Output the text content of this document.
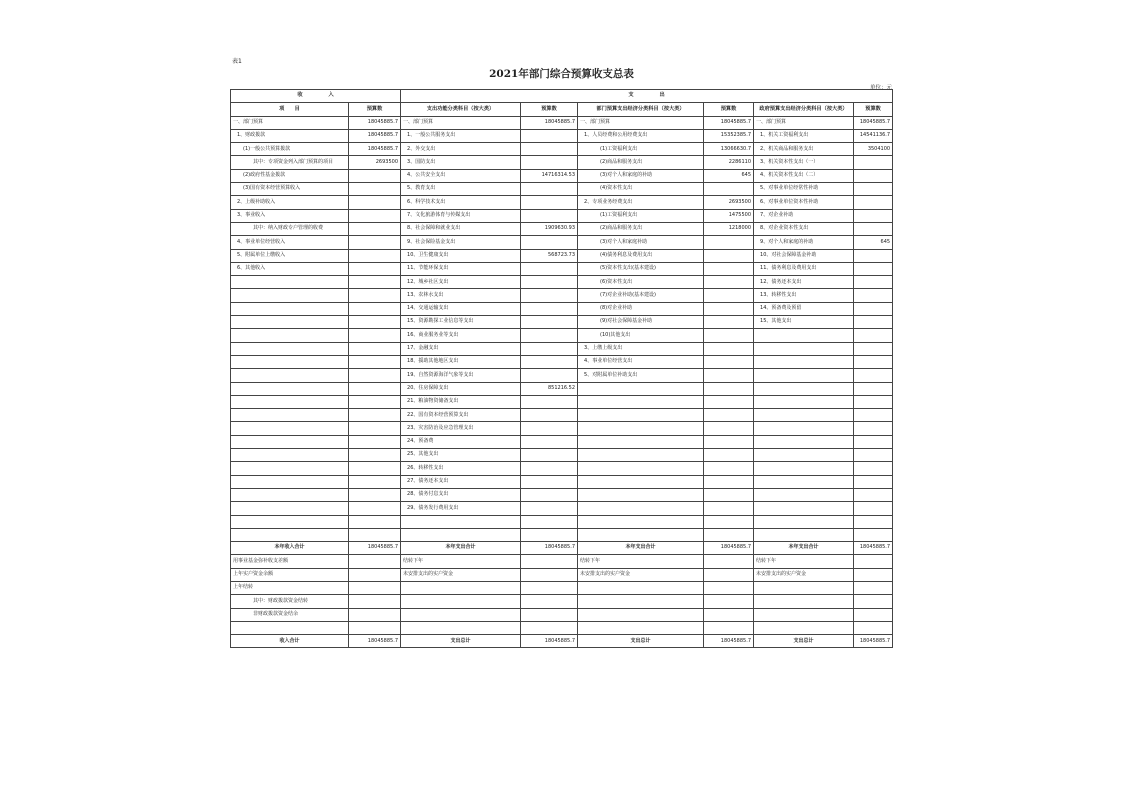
表1
2021年部门综合预算收支总表
单位：元
收　　　　　入		支　　　　　出					
项　　目	预算数	支出功能分类科目（按大类）	预算数	部门预算支出经济分类科目（按大类）	预算数	政府预算支出经济分类科目（按大类）	预算数
一、部门预算	18045885.7	一、部门预算	18045885.7	一、部门预算	18045885.7	一、部门预算	18045885.7
1、财政拨款	18045885.7	1、一般公共服务支出		1、人员经费和公用经费支出	15352385.7	1、机关工资福利支出	14541136.7
(1)一般公共预算拨款	18045885.7	2、外交支出		(1)工资福利支出	13066630.7	2、机关商品和服务支出	3504100
其中：专项资金列入部门预算的项目	2693500	3、国防支出		(2)商品和服务支出	2286110	3、机关资本性支出（一）	
(2)政府性基金拨款		4、公共安全支出	14716314.53	(3)对个人和家庭的补助	645	4、机关资本性支出（二）	
(3)国有资本经营预算收入		5、教育支出		(4)资本性支出		5、对事业单位经常性补助	
2、上级补助收入		6、科学技术支出		2、专项业务经费支出	2693500	6、对事业单位资本性补助	
3、事业收入		7、文化旅游体育与传媒支出		(1)工资福利支出	1475500	7、对企业补助	
其中：纳入财政专户管理的收费		8、社会保障和就业支出	1909630.93	(2)商品和服务支出	1218000	8、对企业资本性支出	
4、事业单位经营收入		9、社会保险基金支出		(3)对个人和家庭补助		9、对个人和家庭的补助	645
5、附属单位上缴收入		10、卫生健康支出	568723.73	(4)债务利息及费用支出		10、对社会保障基金补助	
6、其他收入		11、节能环保支出		(5)资本性支出(基本建设)		11、债务利息及费用支出	
		12、城乡社区支出		(6)资本性支出		12、债务还本支出	
		13、农林水支出		(7)对企业补助(基本建设)		13、转移性支出	
		14、交通运输支出		(8)对企业补助		14、预备费及预留	
		15、资源勘探工业信息等支出		(9)对社会保障基金补助		15、其他支出	
		16、商业服务业等支出		(10)其他支出			
		17、金融支出		3、上缴上级支出			
		18、援助其他地区支出		4、事业单位经营支出			
		19、自然资源海洋气象等支出		5、对附属单位补助支出			
		20、住房保障支出	851216.52				
		21、粮油物资储备支出					
		22、国有资本经营预算支出					
		23、灾害防治及应急管理支出					
		24、预备费					
		25、其他支出					
		26、转移性支出					
		27、债务还本支出					
		28、债务付息支出					
		29、债务发行费用支出					

本年收入合计	18045885.7	本年支出合计	18045885.7	本年支出合计	18045885.7	本年支出合计	18045885.7
用事业基金弥补收支差额		结转下年		结转下年		结转下年	
上年实户资金余额		未安排支出的实户资金		未安排支出的实户资金		未安排支出的实户资金	
上年结转							
其中：财政拨款资金结转							
非财政拨款资金结余							

收入合计	18045885.7	支出总计	18045885.7	支出总计	18045885.7	支出总计	18045885.7
